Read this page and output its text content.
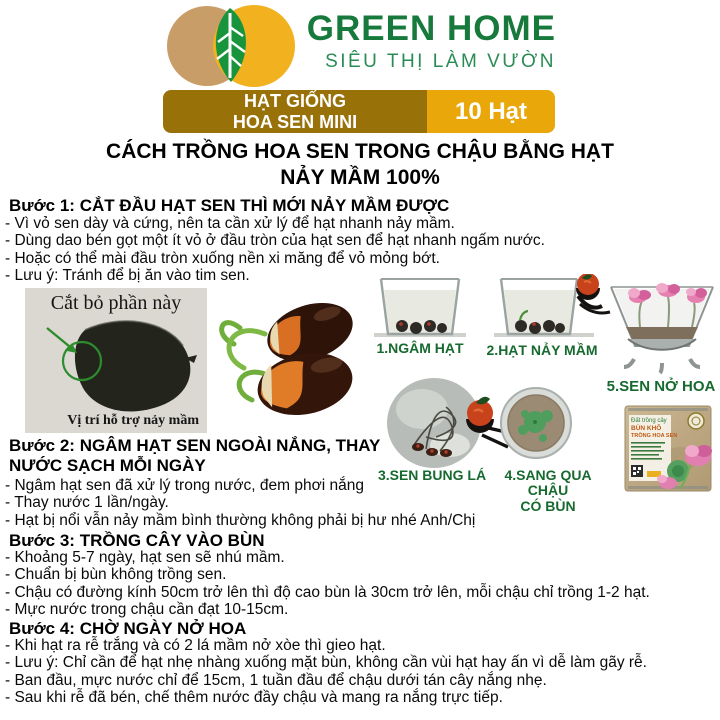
GREEN HOME
SIÊU THỊ LÀM VƯỜN
HẠT GIỐNG
HOA SEN MINI	10 Hạt
CÁCH TRỒNG HOA SEN TRONG CHẬU BẰNG HẠT
NẢY MẦM 100%
Bước 1: CẮT ĐẦU HẠT SEN THÌ MỚI NẢY MẦM ĐƯỢC
- Vì vỏ sen dày và cứng, nên ta cần xử lý để hạt nhanh nảy mầm.
- Dùng dao bén gọt một ít vỏ ở đầu tròn của hạt sen để hạt nhanh ngấm nước.
- Hoặc có thể mài đầu tròn xuống nền xi măng để vỏ mỏng bớt.
- Lưu ý: Tránh để bị ăn vào tim sen.
Cắt bỏ phần này
Vị trí hỗ trợ nảy mầm
1.NGÂM HẠT	2.HẠT NẢY MẦM
5.SEN NỞ HOA
3.SEN BUNG LÁ	4.SANG QUA CHẬU
CÓ BÙN
Đất trồng cây
BÙN KHÔ
TRỒNG HOA SEN
Bước 2: NGÂM HẠT SEN NGOÀI NẮNG, THAY NƯỚC SẠCH MỖI NGÀY
- Ngâm hạt sen đã xử lý trong nước, đem phơi nắng
- Thay nước 1 lần/ngày.
- Hạt bị nổi vẫn nảy mầm bình thường không phải bị hư nhé Anh/Chị
Bước 3: TRỒNG CÂY VÀO BÙN
- Khoảng 5-7 ngày, hạt sen sẽ nhú mầm.
- Chuẩn bị bùn không trồng sen.
- Chậu có đường kính 50cm trở lên thì độ cao bùn là 30cm trở lên, mỗi chậu chỉ trồng 1-2 hạt.
- Mực nước trong chậu cần đạt 10-15cm.
Bước 4: CHỜ NGÀY NỞ HOA
- Khi hạt ra rễ trắng và có 2 lá mầm nở xòe thì gieo hạt.
- Lưu ý: Chỉ cần để hạt nhẹ nhàng xuống mặt bùn, không cần vùi hạt hay ấn vì dễ làm gãy rễ.
- Ban đầu, mực nước chỉ để 15cm, 1 tuần đầu để chậu dưới tán cây nắng nhẹ.
- Sau khi rễ đã bén, chế thêm nước đầy chậu và mang ra nắng trực tiếp.
